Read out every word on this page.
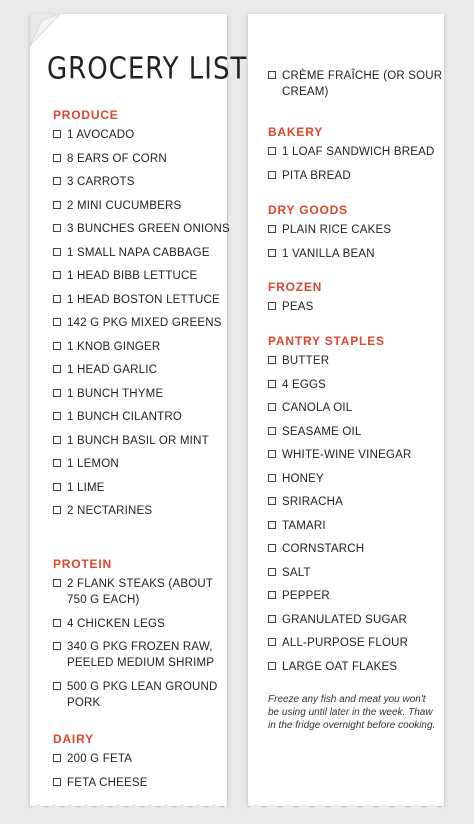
GROCERY LIST
PRODUCE
1 AVOCADO
8 EARS OF CORN
3 CARROTS
2 MINI CUCUMBERS
3 BUNCHES GREEN ONIONS
1 SMALL NAPA CABBAGE
1 HEAD BIBB LETTUCE
1 HEAD BOSTON LETTUCE
142 G PKG MIXED GREENS
1 KNOB GINGER
1 HEAD GARLIC
1 BUNCH THYME
1 BUNCH CILANTRO
1 BUNCH BASIL OR MINT
1 LEMON
1 LIME
2 NECTARINES
PROTEIN
2 FLANK STEAKS (ABOUT 750 G EACH)
4 CHICKEN LEGS
340 G PKG FROZEN RAW, PEELED MEDIUM SHRIMP
500 G PKG LEAN GROUND PORK
DAIRY
200 G FETA
FETA CHEESE
CRÈME FRAÎCHE (OR SOUR CREAM)
BAKERY
1 LOAF SANDWICH BREAD
PITA BREAD
DRY GOODS
PLAIN RICE CAKES
1 VANILLA BEAN
FROZEN
PEAS
PANTRY STAPLES
BUTTER
4 EGGS
CANOLA OIL
SEASAME OIL
WHITE-WINE VINEGAR
HONEY
SRIRACHA
TAMARI
CORNSTARCH
SALT
PEPPER
GRANULATED SUGAR
ALL-PURPOSE FLOUR
LARGE OAT FLAKES

Freeze any fish and meat you won't be using until later in the week. Thaw in the fridge overnight before cooking.
